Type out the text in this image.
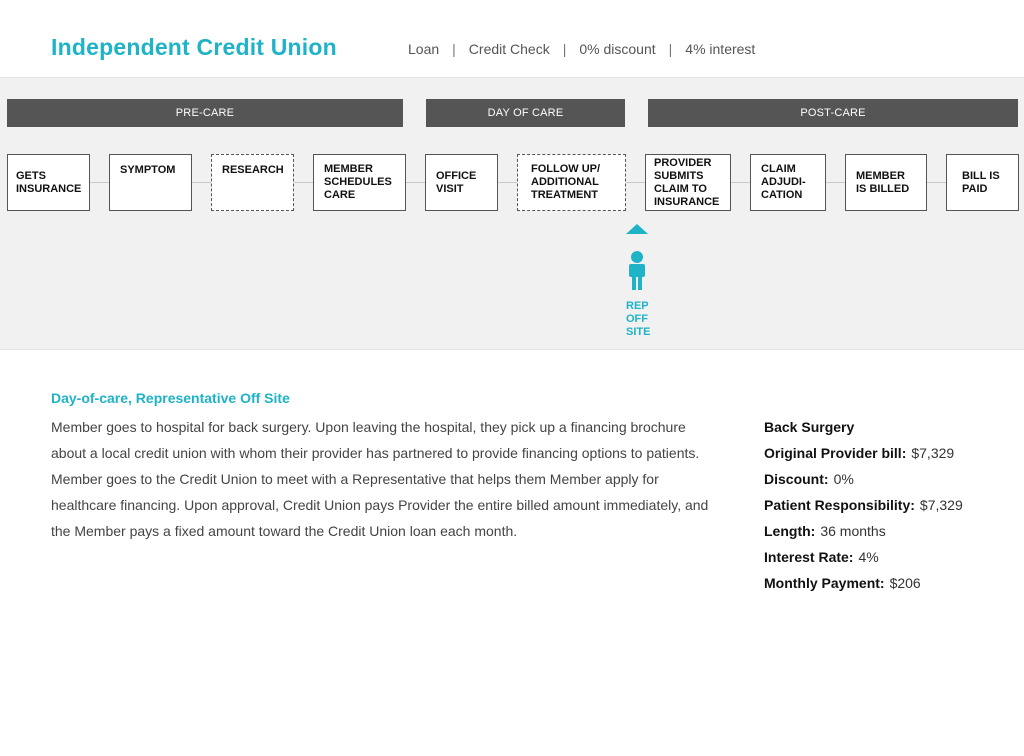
Independent Credit Union	Loan | Credit Check | 0% discount | 4% interest
PRE-CARE	DAY OF CARE	POST-CARE
GETS
INSURANCE
SYMPTOM	RESEARCH	MEMBER
SCHEDULES
CARE
OFFICE
VISIT
FOLLOW UP/
ADDITIONAL
TREATMENT
PROVIDER
SUBMITS
CLAIM TO
INSURANCE
CLAIM
ADJUDI-
CATION
MEMBER
IS BILLED
BILL IS
PAID
REP
OFF
SITE
Day-of-care, Representative Off Site
Member goes to hospital for back surgery. Upon leaving the hospital, they pick up a financing brochure about a local credit union with whom their provider has partnered to provide financing options to patients. Member goes to the Credit Union to meet with a Representative that helps them Member apply for healthcare financing. Upon approval, Credit Union pays Provider the entire billed amount immediately, and the Member pays a fixed amount toward the Credit Union loan each month.
Back Surgery
Original Provider bill: $7,329
Discount: 0%
Patient Responsibility: $7,329
Length: 36 months
Interest Rate: 4%
Monthly Payment: $206
